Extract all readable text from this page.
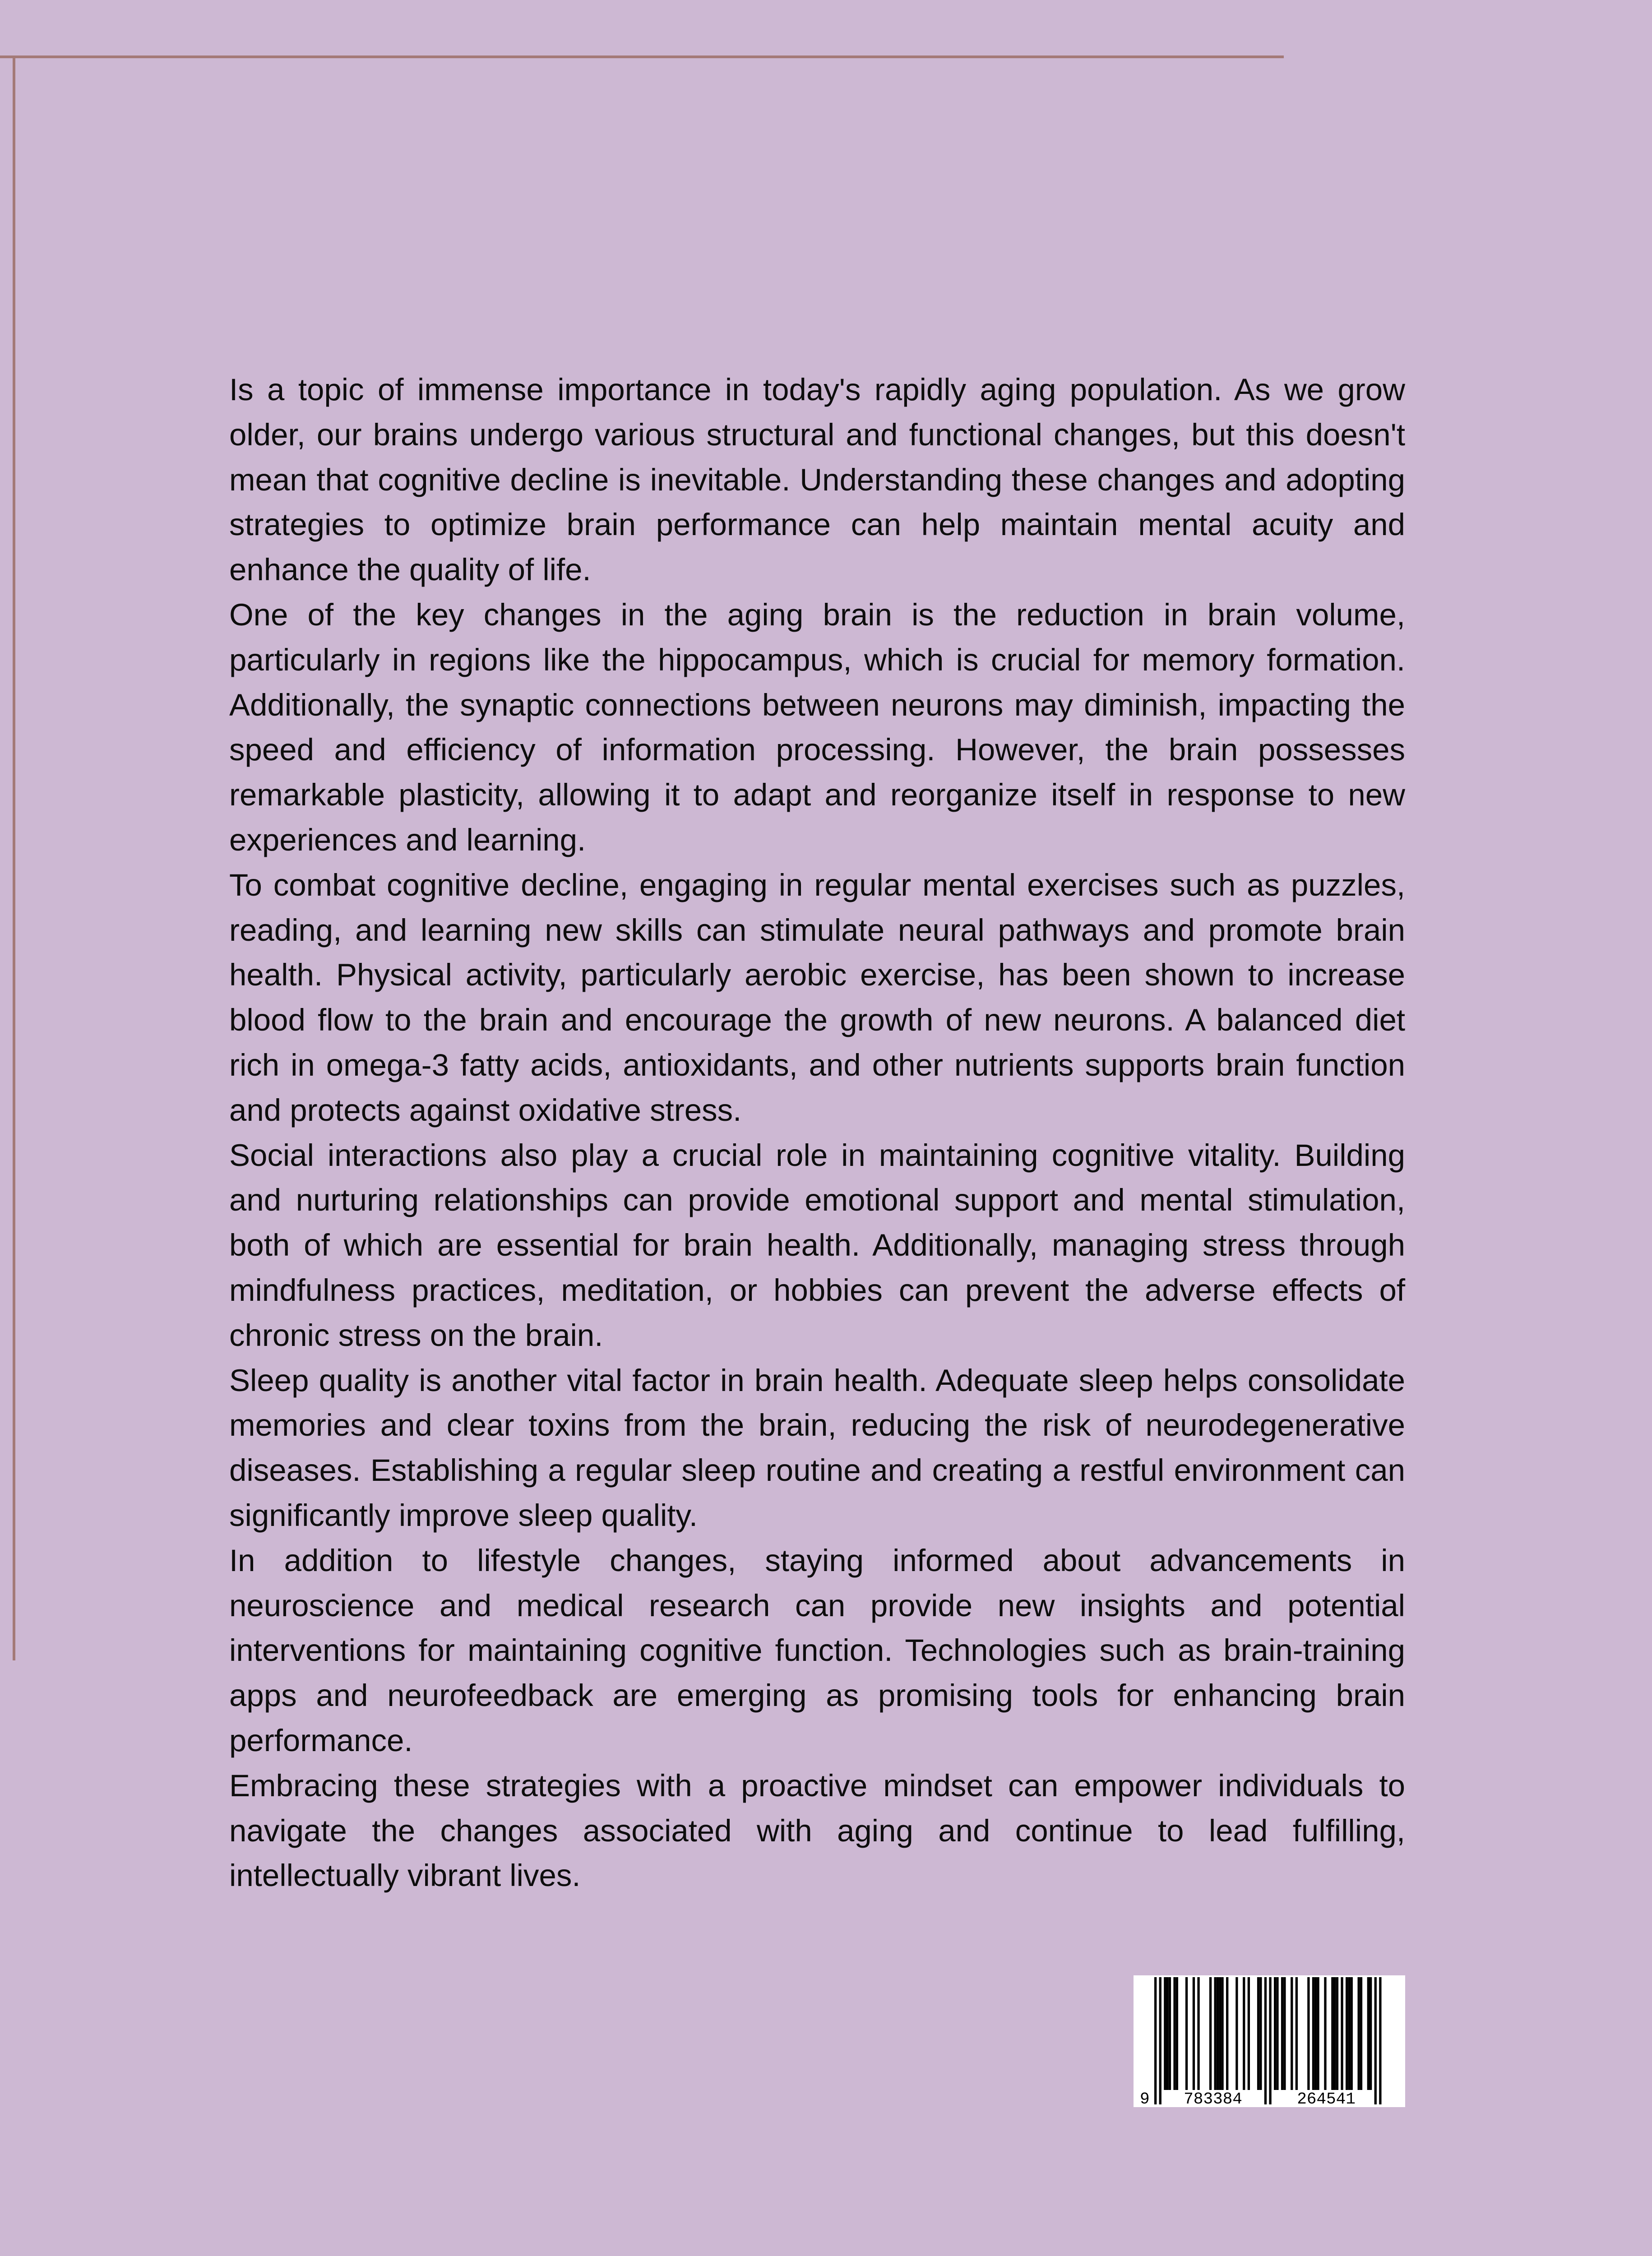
Is a topic of immense importance in today's rapidly aging population. As we grow older, our brains undergo various structural and functional changes, but this doesn't mean that cognitive decline is inevitable. Understanding these changes and adopting strategies to optimize brain performance can help maintain mental acuity and enhance the quality of life.

One of the key changes in the aging brain is the reduction in brain volume, particularly in regions like the hippocampus, which is crucial for memory formation. Additionally, the synaptic connections between neurons may diminish, impacting the speed and efficiency of information processing. However, the brain possesses remarkable plasticity, allowing it to adapt and reorganize itself in response to new experiences and learning.

To combat cognitive decline, engaging in regular mental exercises such as puzzles, reading, and learning new skills can stimulate neural pathways and promote brain health. Physical activity, particularly aerobic exercise, has been shown to increase blood flow to the brain and encourage the growth of new neurons. A balanced diet rich in omega-3 fatty acids, antioxidants, and other nutrients supports brain function and protects against oxidative stress.

Social interactions also play a crucial role in maintaining cognitive vitality. Building and nurturing relationships can provide emotional support and mental stimulation, both of which are essential for brain health. Additionally, managing stress through mindfulness practices, meditation, or hobbies can prevent the adverse effects of chronic stress on the brain.

Sleep quality is another vital factor in brain health. Adequate sleep helps consolidate memories and clear toxins from the brain, reducing the risk of neurodegenerative diseases. Establishing a regular sleep routine and creating a restful environment can significantly improve sleep quality.

In addition to lifestyle changes, staying informed about advancements in neuroscience and medical research can provide new insights and potential interventions for maintaining cognitive function. Technologies such as brain-training apps and neurofeedback are emerging as promising tools for enhancing brain performance.

Embracing these strategies with a proactive mindset can empower individuals to navigate the changes associated with aging and continue to lead fulfilling, intellectually vibrant lives.

9 783384	264541
